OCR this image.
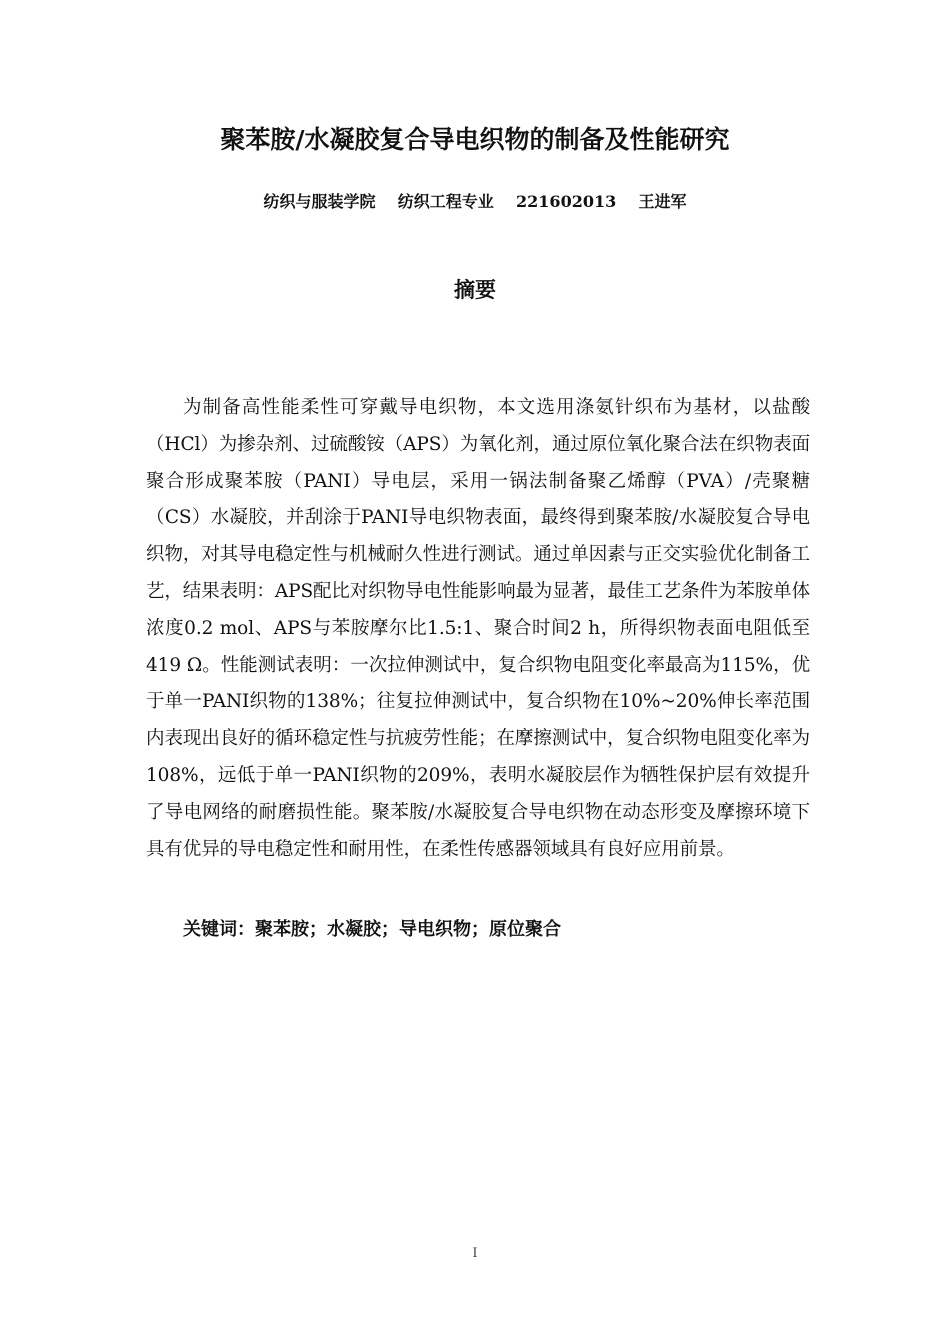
聚苯胺/水凝胶复合导电织物的制备及性能研究

纺织与服装学院    纺织工程专业    221602013    王进军

摘要

为制备高性能柔性可穿戴导电织物，本文选用涤氨针织布为基材，以盐酸（HCl）为掺杂剂、过硫酸铵（APS）为氧化剂，通过原位氧化聚合法在织物表面聚合形成聚苯胺（PANI）导电层，采用一锅法制备聚乙烯醇（PVA）/壳聚糖（CS）水凝胶，并刮涂于PANI导电织物表面，最终得到聚苯胺/水凝胶复合导电织物，对其导电稳定性与机械耐久性进行测试。通过单因素与正交实验优化制备工艺，结果表明：APS配比对织物导电性能影响最为显著，最佳工艺条件为苯胺单体浓度0.2 mol、APS与苯胺摩尔比1.5:1、聚合时间2 h，所得织物表面电阻低至419 Ω。性能测试表明：一次拉伸测试中，复合织物电阻变化率最高为115%，优于单一PANI织物的138%；往复拉伸测试中，复合织物在10%~20%伸长率范围内表现出良好的循环稳定性与抗疲劳性能；在摩擦测试中，复合织物电阻变化率为108%，远低于单一PANI织物的209%，表明水凝胶层作为牺牲保护层有效提升了导电网络的耐磨损性能。聚苯胺/水凝胶复合导电织物在动态形变及摩擦环境下具有优异的导电稳定性和耐用性，在柔性传感器领域具有良好应用前景。

关键词：聚苯胺；水凝胶；导电织物；原位聚合

I
